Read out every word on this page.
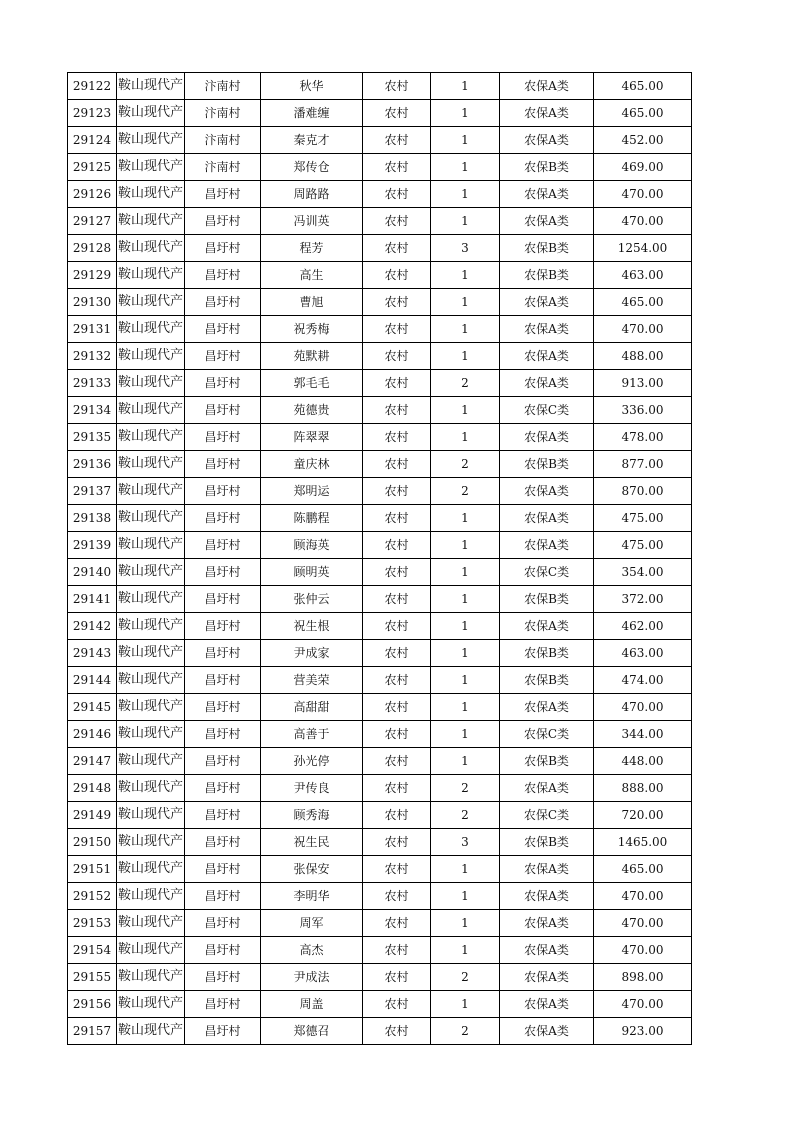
29122	鞍山现代产	汴南村	秋华	农村	1	农保A类	465.00
29123	鞍山现代产	汴南村	潘难缠	农村	1	农保A类	465.00
29124	鞍山现代产	汴南村	秦克才	农村	1	农保A类	452.00
29125	鞍山现代产	汴南村	郑传仓	农村	1	农保B类	469.00
29126	鞍山现代产	昌圩村	周路路	农村	1	农保A类	470.00
29127	鞍山现代产	昌圩村	冯训英	农村	1	农保A类	470.00
29128	鞍山现代产	昌圩村	程芳	农村	3	农保B类	1254.00
29129	鞍山现代产	昌圩村	高生	农村	1	农保B类	463.00
29130	鞍山现代产	昌圩村	曹旭	农村	1	农保A类	465.00
29131	鞍山现代产	昌圩村	祝秀梅	农村	1	农保A类	470.00
29132	鞍山现代产	昌圩村	苑默耕	农村	1	农保A类	488.00
29133	鞍山现代产	昌圩村	郭毛毛	农村	2	农保A类	913.00
29134	鞍山现代产	昌圩村	苑德贵	农村	1	农保C类	336.00
29135	鞍山现代产	昌圩村	阵翠翠	农村	1	农保A类	478.00
29136	鞍山现代产	昌圩村	童庆林	农村	2	农保B类	877.00
29137	鞍山现代产	昌圩村	郑明运	农村	2	农保A类	870.00
29138	鞍山现代产	昌圩村	陈鹏程	农村	1	农保A类	475.00
29139	鞍山现代产	昌圩村	顾海英	农村	1	农保A类	475.00
29140	鞍山现代产	昌圩村	顾明英	农村	1	农保C类	354.00
29141	鞍山现代产	昌圩村	张仲云	农村	1	农保B类	372.00
29142	鞍山现代产	昌圩村	祝生根	农村	1	农保A类	462.00
29143	鞍山现代产	昌圩村	尹成家	农村	1	农保B类	463.00
29144	鞍山现代产	昌圩村	营美荣	农村	1	农保B类	474.00
29145	鞍山现代产	昌圩村	高甜甜	农村	1	农保A类	470.00
29146	鞍山现代产	昌圩村	高善于	农村	1	农保C类	344.00
29147	鞍山现代产	昌圩村	孙光停	农村	1	农保B类	448.00
29148	鞍山现代产	昌圩村	尹传良	农村	2	农保A类	888.00
29149	鞍山现代产	昌圩村	顾秀海	农村	2	农保C类	720.00
29150	鞍山现代产	昌圩村	祝生民	农村	3	农保B类	1465.00
29151	鞍山现代产	昌圩村	张保安	农村	1	农保A类	465.00
29152	鞍山现代产	昌圩村	李明华	农村	1	农保A类	470.00
29153	鞍山现代产	昌圩村	周军	农村	1	农保A类	470.00
29154	鞍山现代产	昌圩村	高杰	农村	1	农保A类	470.00
29155	鞍山现代产	昌圩村	尹成法	农村	2	农保A类	898.00
29156	鞍山现代产	昌圩村	周盖	农村	1	农保A类	470.00
29157	鞍山现代产	昌圩村	郑德召	农村	2	农保A类	923.00
